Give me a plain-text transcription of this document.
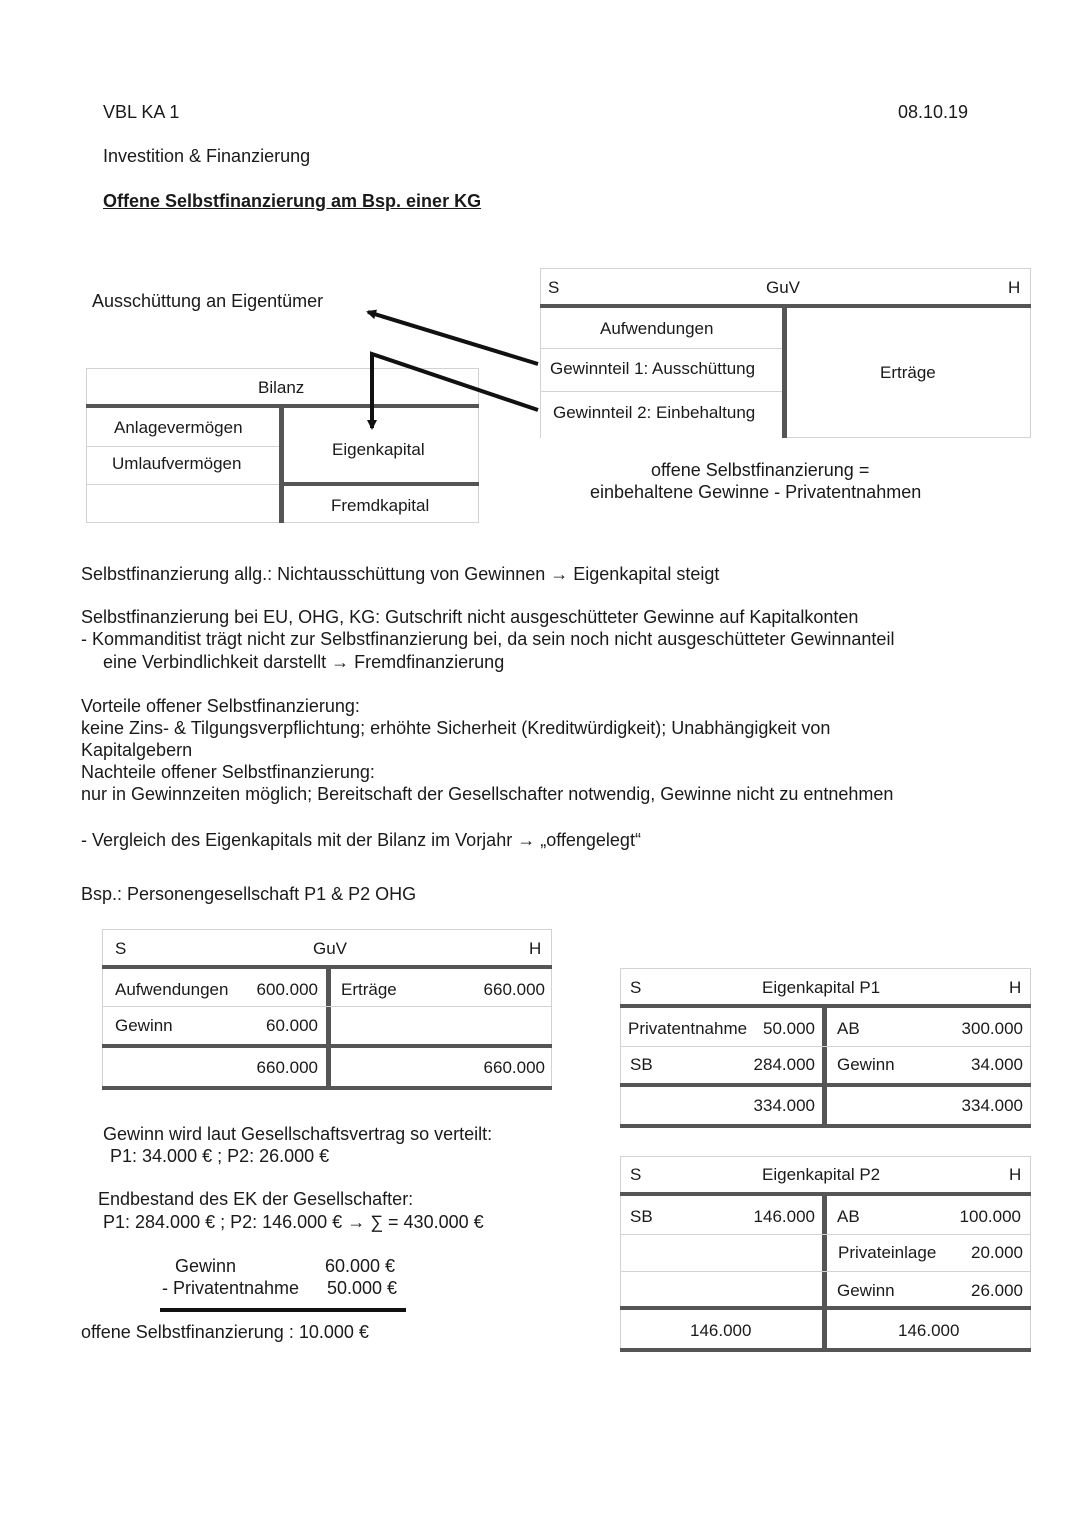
VBL KA 1	08.10.19
Investition & Finanzierung
Offene Selbstfinanzierung am Bsp. einer KG
Ausschüttung an Eigentümer
S	GuV	H
Aufwendungen
Gewinnteil 1: Ausschüttung
Gewinnteil 2: Einbehaltung
Erträge
Bilanz
Anlagevermögen
Umlaufvermögen
Eigenkapital
Fremdkapital
offene Selbstfinanzierung =
einbehaltene Gewinne - Privatentnahmen
Selbstfinanzierung allg.: Nichtausschüttung von Gewinnen → Eigenkapital steigt
Selbstfinanzierung bei EU, OHG, KG: Gutschrift nicht ausgeschütteter Gewinne auf Kapitalkonten
- Kommanditist trägt nicht zur Selbstfinanzierung bei, da sein noch nicht ausgeschütteter Gewinnanteil
eine Verbindlichkeit darstellt → Fremdfinanzierung
Vorteile offener Selbstfinanzierung:
keine Zins- & Tilgungsverpflichtung; erhöhte Sicherheit (Kreditwürdigkeit); Unabhängigkeit von
Kapitalgebern
Nachteile offener Selbstfinanzierung:
nur in Gewinnzeiten möglich; Bereitschaft der Gesellschafter notwendig, Gewinne nicht zu entnehmen
- Vergleich des Eigenkapitals mit der Bilanz im Vorjahr → „offengelegt“
Bsp.: Personengesellschaft P1 & P2 OHG
S	GuV	H
Aufwendungen	600.000 Erträge	660.000
Gewinn	60.000
660.000	660.000
S	Eigenkapital P1	H
Privatentnahme 50.000 AB	300.000
SB	284.000 Gewinn	34.000
334.000	334.000
S	Eigenkapital P2	H
SB	146.000 AB	100.000
Privateinlage	20.000
Gewinn	26.000
146.000	146.000
Gewinn wird laut Gesellschaftsvertrag so verteilt:
P1: 34.000 € ; P2: 26.000 €
Endbestand des EK der Gesellschafter:
P1: 284.000 € ; P2: 146.000 € → ∑ = 430.000 €
Gewinn	60.000 €
- Privatentnahme 50.000 €
offene Selbstfinanzierung : 10.000 €
